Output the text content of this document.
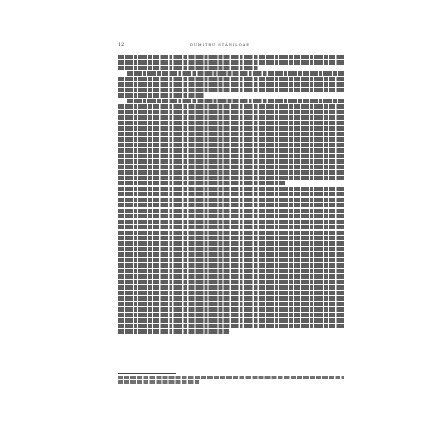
12	DUMITRU STĂNILOAE
